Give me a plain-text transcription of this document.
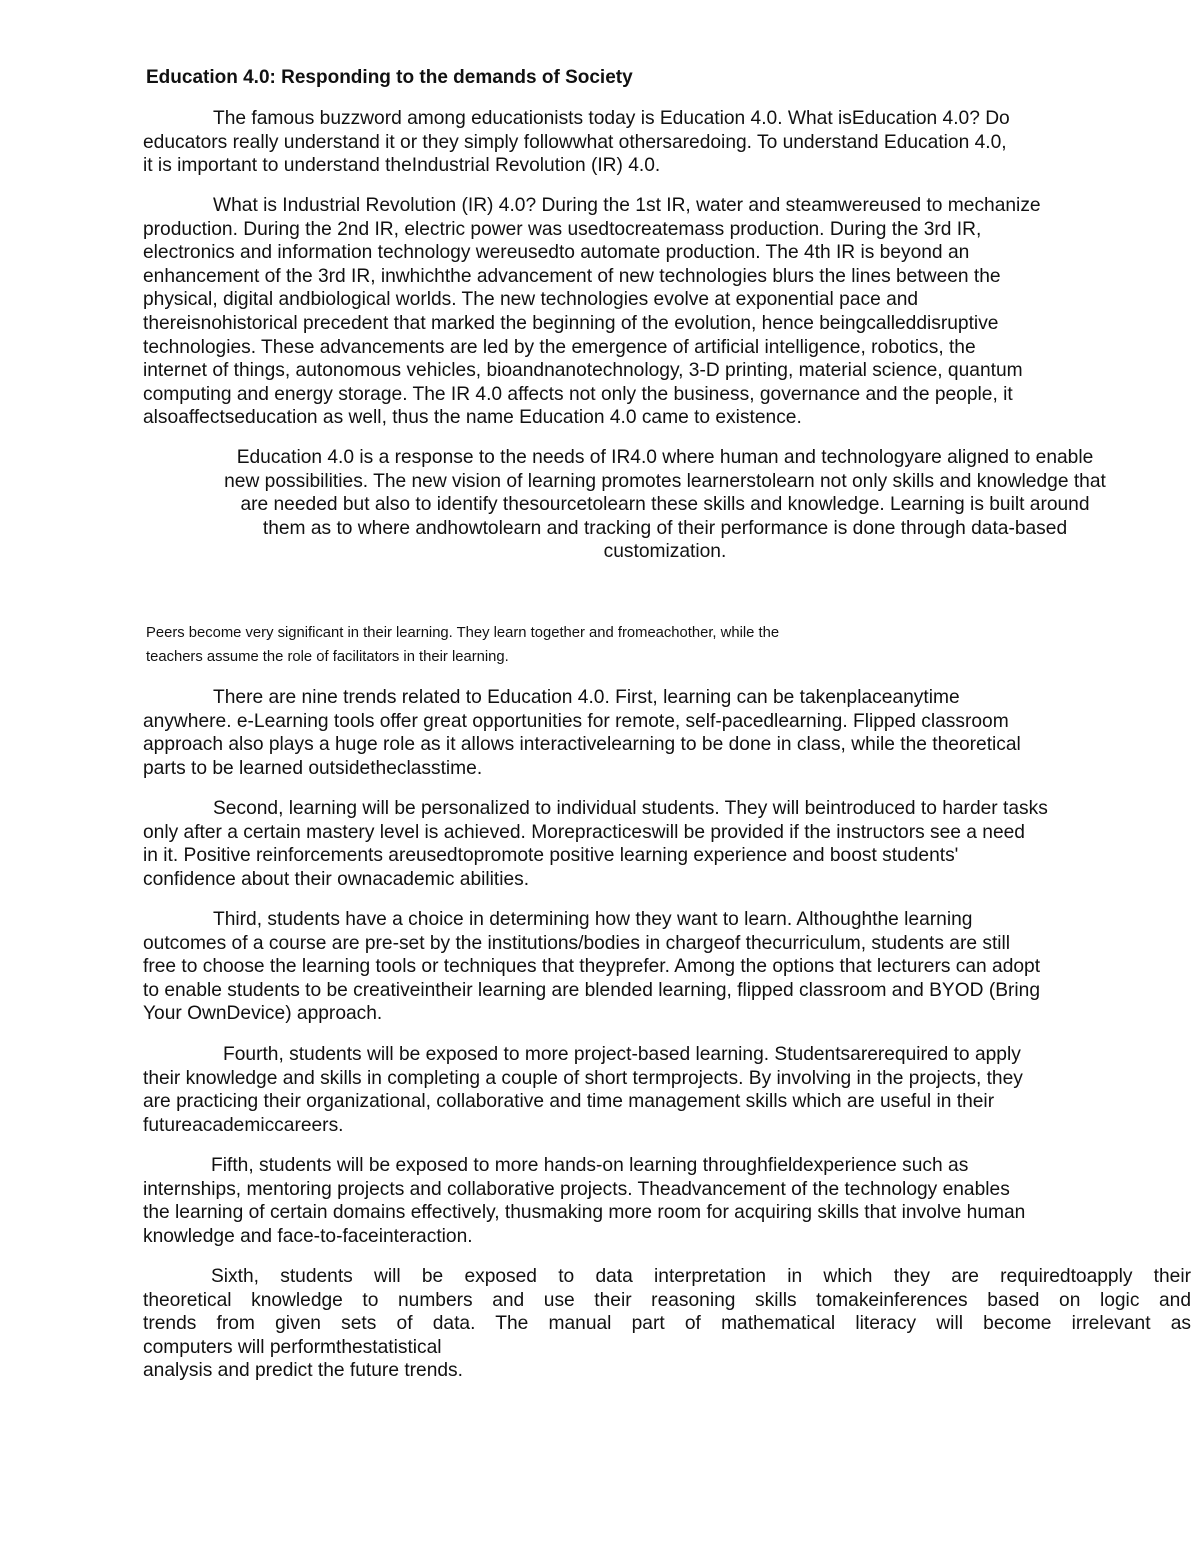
Education 4.0: Responding to the demands of Society
The famous buzzword among educationists today is Education 4.0. What isEducation 4.0? Do
educators really understand it or they simply followwhat othersaredoing. To understand Education 4.0,
it is important to understand theIndustrial Revolution (IR) 4.0.
What is Industrial Revolution (IR) 4.0? During the 1st IR, water and steamwereused to mechanize
production. During the 2nd IR, electric power was usedtocreatemass production. During the 3rd IR,
electronics and information technology wereusedto automate production. The 4th IR is beyond an
enhancement of the 3rd IR, inwhichthe advancement of new technologies blurs the lines between the
physical, digital andbiological worlds. The new technologies evolve at exponential pace and
thereisnohistorical precedent that marked the beginning of the evolution, hence beingcalleddisruptive
technologies. These advancements are led by the emergence of artificial intelligence, robotics, the
internet of things, autonomous vehicles, bioandnanotechnology, 3-D printing, material science, quantum
computing and energy storage. The IR 4.0 affects not only the business, governance and the people, it
alsoaffectseducation as well, thus the name Education 4.0 came to existence.
Education 4.0 is a response to the needs of IR4.0 where human and technologyare aligned to enable
new possibilities. The new vision of learning promotes learnerstolearn not only skills and knowledge that
are needed but also to identify thesourcetolearn these skills and knowledge. Learning is built around
them as to where andhowtolearn and tracking of their performance is done through data-based
customization.
Peers become very significant in their learning. They learn together and fromeachother, while the
teachers assume the role of facilitators in their learning.
There are nine trends related to Education 4.0. First, learning can be takenplaceanytime
anywhere. e-Learning tools offer great opportunities for remote, self-pacedlearning. Flipped classroom
approach also plays a huge role as it allows interactivelearning to be done in class, while the theoretical
parts to be learned outsidetheclasstime.
Second, learning will be personalized to individual students. They will beintroduced to harder tasks
only after a certain mastery level is achieved. Morepracticeswill be provided if the instructors see a need
in it. Positive reinforcements areusedtopromote positive learning experience and boost students'
confidence about their ownacademic abilities.
Third, students have a choice in determining how they want to learn. Althoughthe learning
outcomes of a course are pre-set by the institutions/bodies in chargeof thecurriculum, students are still
free to choose the learning tools or techniques that theyprefer. Among the options that lecturers can adopt
to enable students to be creativeintheir learning are blended learning, flipped classroom and BYOD (Bring
Your OwnDevice) approach.
Fourth, students will be exposed to more project-based learning. Studentsarerequired to apply
their knowledge and skills in completing a couple of short termprojects. By involving in the projects, they
are practicing their organizational, collaborative and time management skills which are useful in their
futureacademiccareers.
Fifth, students will be exposed to more hands-on learning throughfieldexperience such as
internships, mentoring projects and collaborative projects. Theadvancement of the technology enables
the learning of certain domains effectively, thusmaking more room for acquiring skills that involve human
knowledge and face-to-faceinteraction.
Sixth, students will be exposed to data interpretation in which they are requiredtoapply their
theoretical knowledge to numbers and use their reasoning skills tomakeinferences based on logic and
trends from given sets of data. The manual part of mathematical literacy will become irrelevant as
computers will performthestatistical
analysis and predict the future trends.
